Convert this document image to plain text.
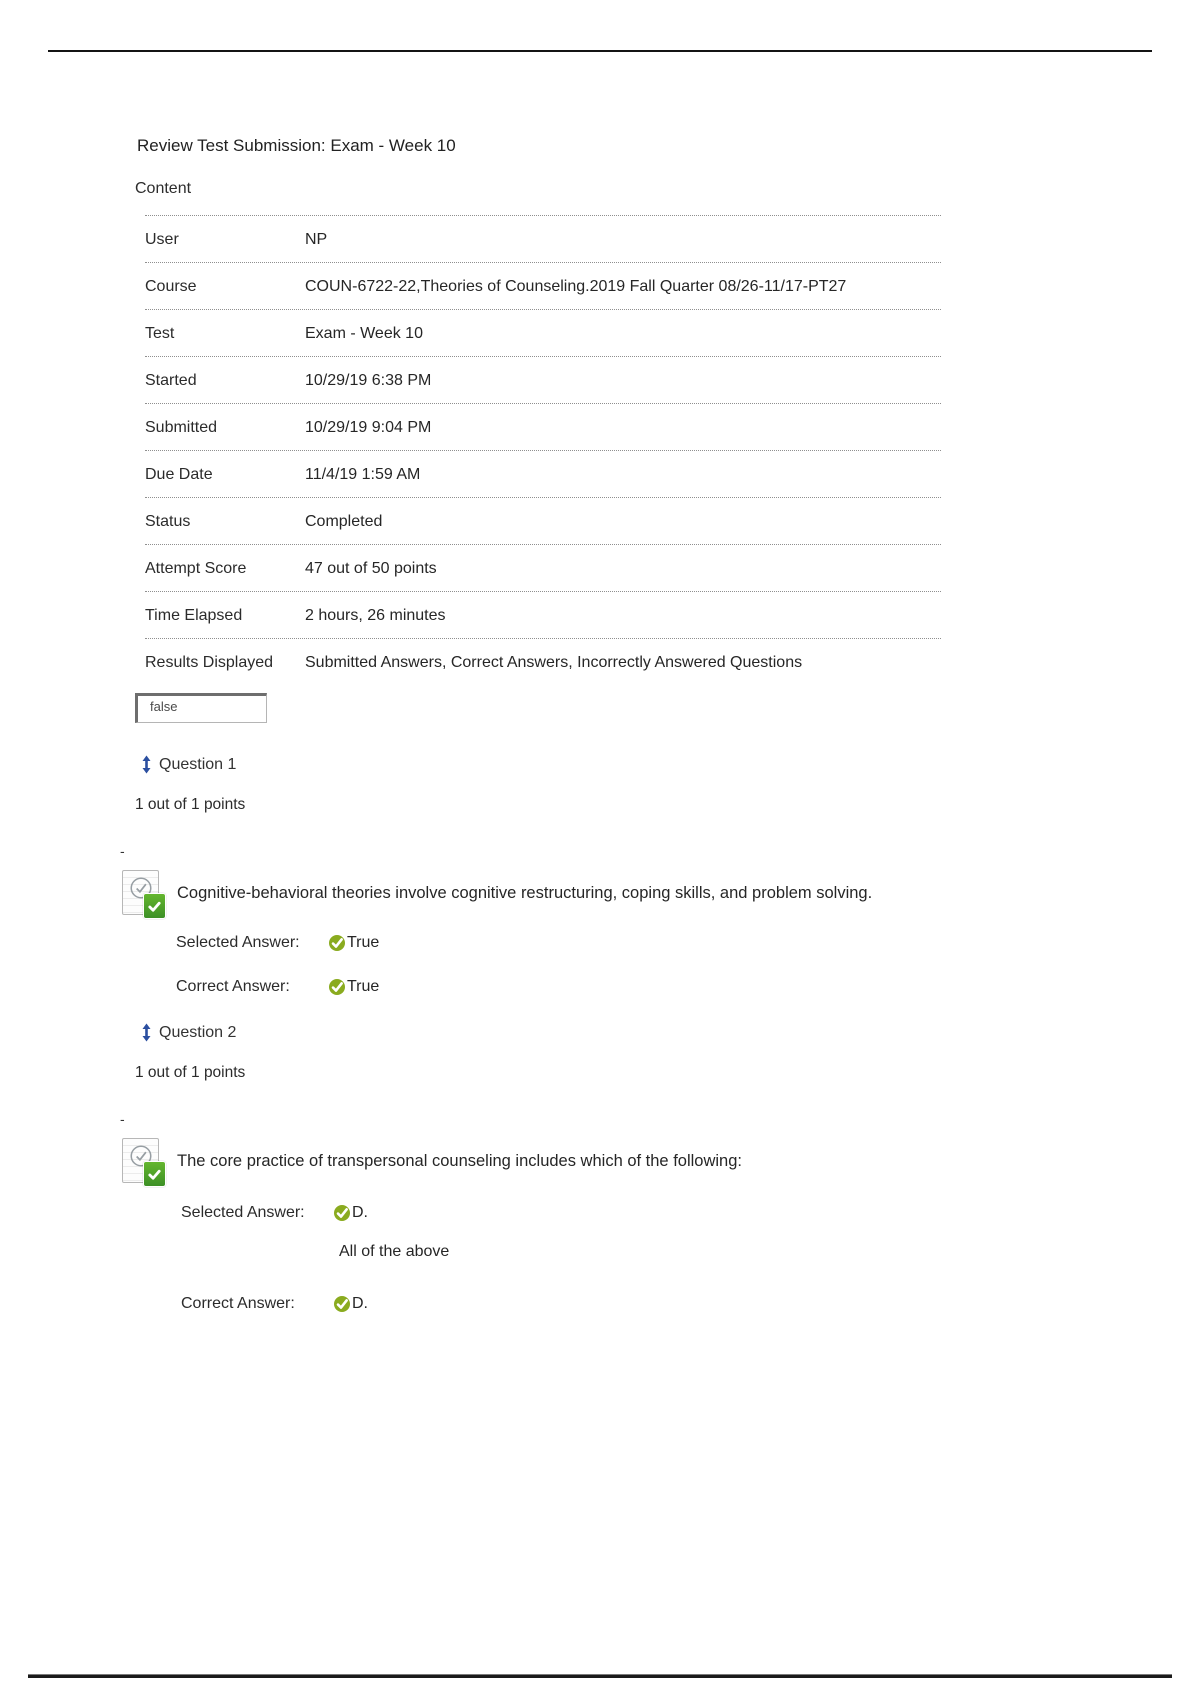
Review Test Submission: Exam - Week 10
Content
User	NP
Course	COUN-6722-22,Theories of Counseling.2019 Fall Quarter 08/26-11/17-PT27
Test	Exam - Week 10
Started	10/29/19 6:38 PM
Submitted	10/29/19 9:04 PM
Due Date	11/4/19 1:59 AM
Status	Completed
Attempt Score	47 out of 50 points
Time Elapsed	2 hours, 26 minutes
Results Displayed	Submitted Answers, Correct Answers, Incorrectly Answered Questions
false
Question 1
1 out of 1 points
-
Cognitive-behavioral theories involve cognitive restructuring, coping skills, and problem solving.
Selected Answer:	True
Correct Answer:	True
Question 2
1 out of 1 points
-
The core practice of transpersonal counseling includes which of the following:
Selected Answer:	D.
All of the above
Correct Answer:	D.
